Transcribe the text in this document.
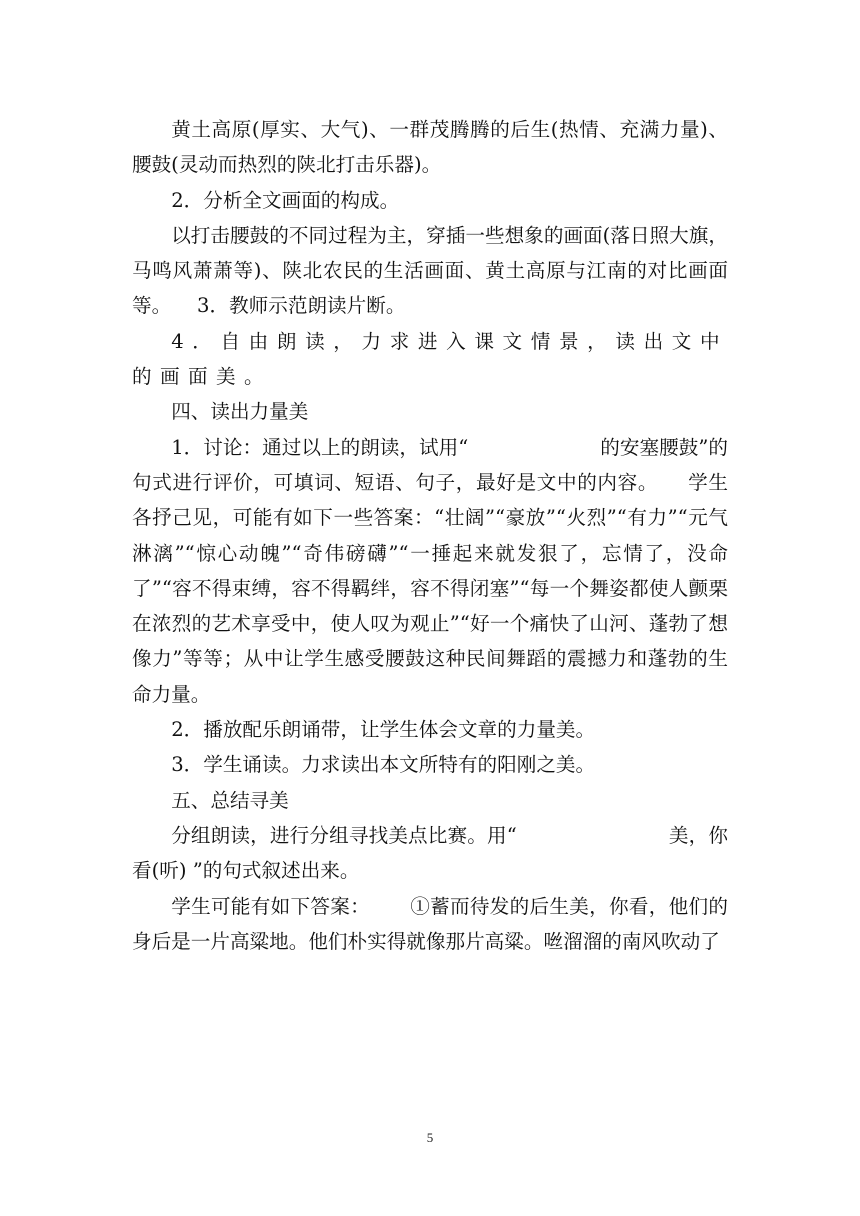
黄土高原(厚实、大气)、一群茂腾腾的后生(热情、充满力量)、腰鼓(灵动而热烈的陕北打击乐器)。

2．分析全文画面的构成。

以打击腰鼓的不同过程为主，穿插一些想象的画面(落日照大旗，马鸣风萧萧等)、陕北农民的生活画面、黄土高原与江南的对比画面等。  3．教师示范朗读片断。

4．自由朗读，力求进入课文情景，读出文中的画面美。

四、读出力量美

1．讨论：通过以上的朗读，试用“	的安塞腰鼓”的句式进行评价，可填词、短语、句子，最好是文中的内容。   学生各抒己见，可能有如下一些答案：“壮阔”“豪放”“火烈”“有力”“元气淋漓”“惊心动魄”“奇伟磅礴”“一捶起来就发狠了，忘情了，没命了”“容不得束缚，容不得羁绊，容不得闭塞”“每一个舞姿都使人颤栗在浓烈的艺术享受中，使人叹为观止”“好一个痛快了山河、蓬勃了想像力”等等；从中让学生感受腰鼓这种民间舞蹈的震撼力和蓬勃的生命力量。

2．播放配乐朗诵带，让学生体会文章的力量美。

3．学生诵读。力求读出本文所特有的阳刚之美。

五、总结寻美

分组朗读，进行分组寻找美点比赛。用“	美，你看(听) ”的句式叙述出来。

学生可能有如下答案： ①蓄而待发的后生美，你看，他们的身后是一片高粱地。他们朴实得就像那片高粱。咝溜溜的南风吹动了

5
